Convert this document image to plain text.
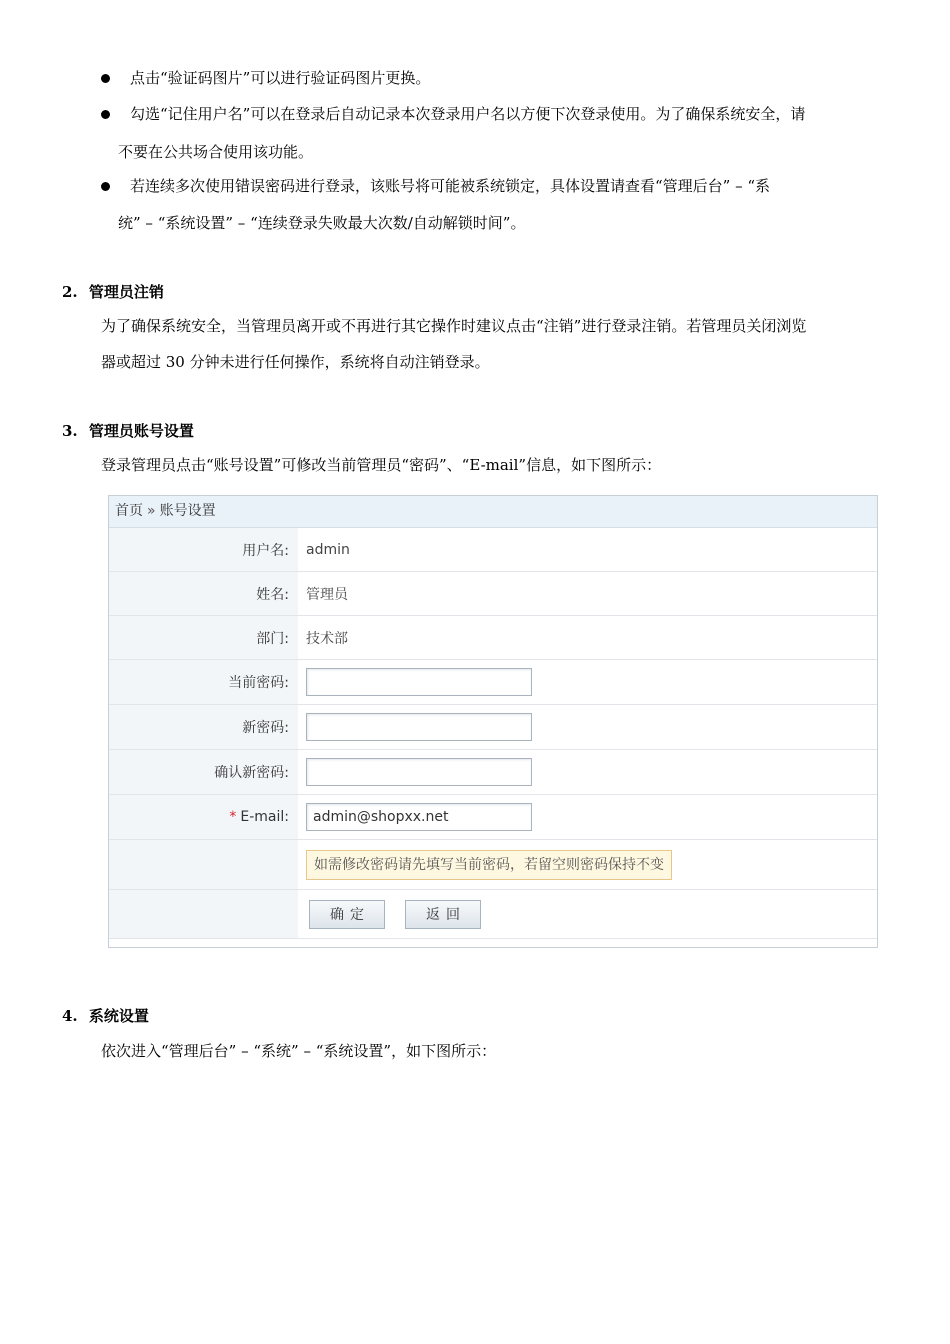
点击“验证码图片”可以进行验证码图片更换。
勾选“记住用户名”可以在登录后自动记录本次登录用户名以方便下次登录使用。为了确保系统安全，请
不要在公共场合使用该功能。
若连续多次使用错误密码进行登录，该账号将可能被系统锁定，具体设置请查看“管理后台” – “系
统” – “系统设置” – “连续登录失败最大次数/自动解锁时间”。
2. 管理员注销
为了确保系统安全，当管理员离开或不再进行其它操作时建议点击“注销”进行登录注销。若管理员关闭浏览
器或超过 30 分钟未进行任何操作，系统将自动注销登录。
3. 管理员账号设置
登录管理员点击“账号设置”可修改当前管理员“密码”、“E-mail”信息，如下图所示：
首页 » 账号设置
用户名:	admin
姓名:	管理员
部门:	技术部
当前密码:
新密码:
确认新密码:
* E-mail:
admin@shopxx.net
如需修改密码请先填写当前密码，若留空则密码保持不变
确定	返回
4. 系统设置
依次进入“管理后台” – “系统” – “系统设置”，如下图所示：
